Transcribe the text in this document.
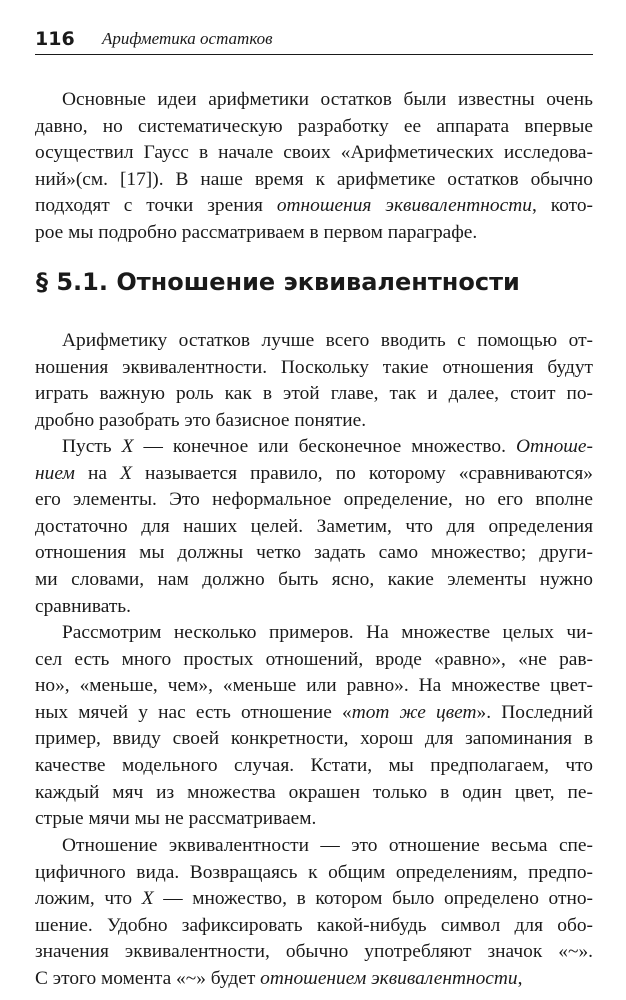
116 Арифметика остатков
Основные идеи арифметики остатков были известны очень
давно, но систематическую разработку ее аппарата впервые
осуществил Гаусс в начале своих «Арифметических исследова-
ний»(см. [17]). В наше время к арифметике остатков обычно
подходят с точки зрения отношения эквивалентности, кото-
рое мы подробно рассматриваем в первом параграфе.
§ 5.1. Отношение эквивалентности
Арифметику остатков лучше всего вводить с помощью от-
ношения эквивалентности. Поскольку такие отношения будут
играть важную роль как в этой главе, так и далее, стоит по-
дробно разобрать это базисное понятие.
Пусть X — конечное или бесконечное множество. Отноше-
нием на X называется правило, по которому «сравниваются»
его элементы. Это неформальное определение, но его вполне
достаточно для наших целей. Заметим, что для определения
отношения мы должны четко задать само множество; други-
ми словами, нам должно быть ясно, какие элементы нужно
сравнивать.
Рассмотрим несколько примеров. На множестве целых чи-
сел есть много простых отношений, вроде «равно», «не рав-
но», «меньше, чем», «меньше или равно». На множестве цвет-
ных мячей у нас есть отношение «тот же цвет». Последний
пример, ввиду своей конкретности, хорош для запоминания в
качестве модельного случая. Кстати, мы предполагаем, что
каждый мяч из множества окрашен только в один цвет, пе-
стрые мячи мы не рассматриваем.
Отношение эквивалентности — это отношение весьма спе-
цифичного вида. Возвращаясь к общим определениям, предпо-
ложим, что X — множество, в котором было определено отно-
шение. Удобно зафиксировать какой-нибудь символ для обо-
значения эквивалентности, обычно употребляют значок «~».
С этого момента «~» будет отношением эквивалентности,
